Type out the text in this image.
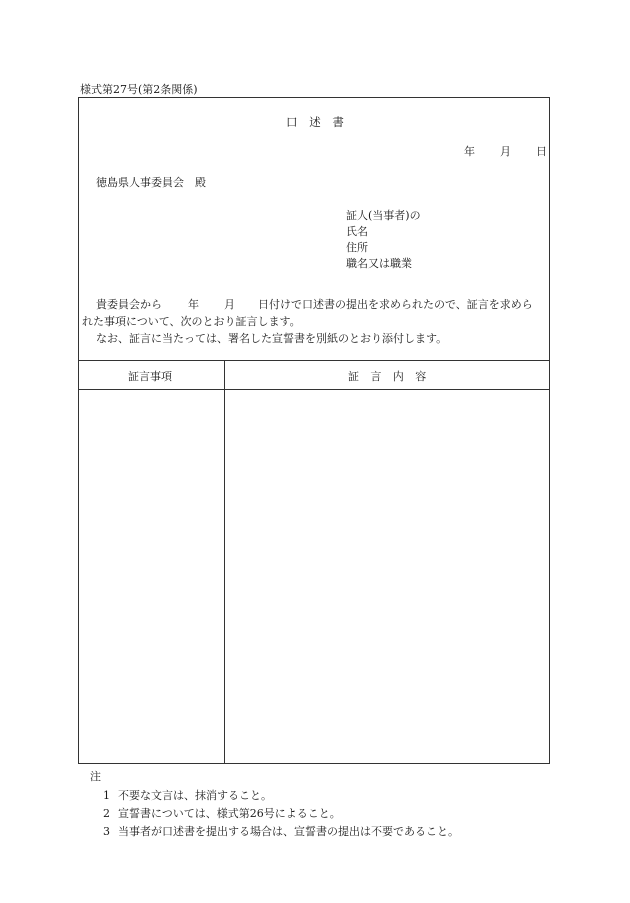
様式第27号(第2条関係)
口　述　書
年 月 日
徳島県人事委員会　殿
証人(当事者)の
氏名
住所
職名又は職業
貴委員会から 年 月 日付けで口述書の提出を求められたので、証言を求めら
れた事項について、次のとおり証言します。
なお、証言に当たっては、署名した宣誓書を別紙のとおり添付します。
証言事項	証　言　内　容
注
1 不要な文言は、抹消すること。
2 宣誓書については、様式第26号によること。
3 当事者が口述書を提出する場合は、宣誓書の提出は不要であること。
